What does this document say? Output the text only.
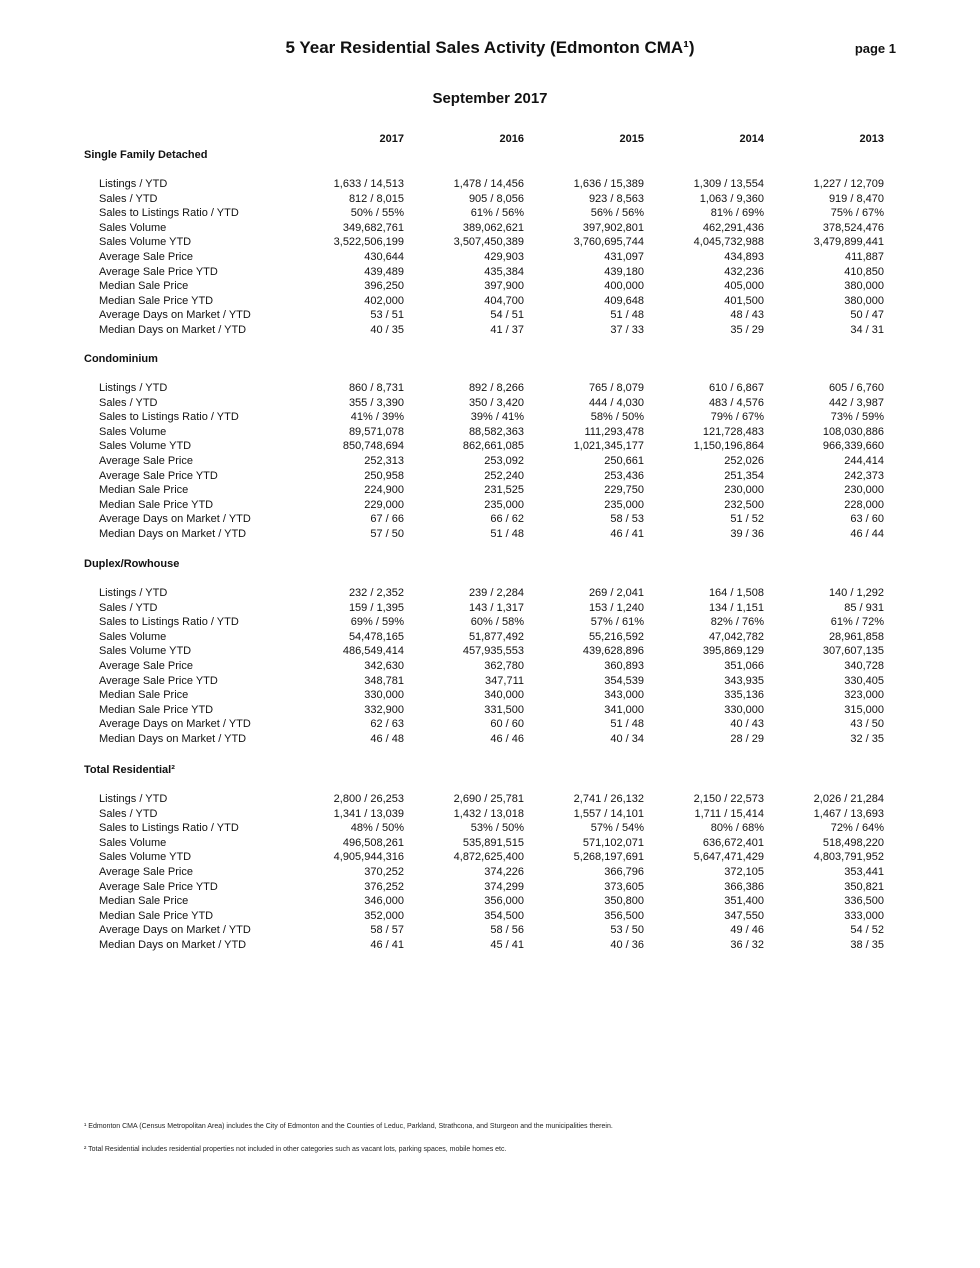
5 Year Residential Sales Activity (Edmonton CMA¹)	page 1
September 2017
2017	2016	2015	2014	2013
Single Family Detached
Listings / YTD	1,633 / 14,513	1,478 / 14,456	1,636 / 15,389	1,309 / 13,554	1,227 / 12,709
Sales / YTD	812 / 8,015	905 / 8,056	923 / 8,563	1,063 / 9,360	919 / 8,470
Sales to Listings Ratio / YTD	50% / 55%	61% / 56%	56% / 56%	81% / 69%	75% / 67%
Sales Volume	349,682,761	389,062,621	397,902,801	462,291,436	378,524,476
Sales Volume YTD	3,522,506,199	3,507,450,389	3,760,695,744	4,045,732,988	3,479,899,441
Average Sale Price	430,644	429,903	431,097	434,893	411,887
Average Sale Price YTD	439,489	435,384	439,180	432,236	410,850
Median Sale Price	396,250	397,900	400,000	405,000	380,000
Median Sale Price YTD	402,000	404,700	409,648	401,500	380,000
Average Days on Market / YTD	53 / 51	54 / 51	51 / 48	48 / 43	50 / 47
Median Days on Market / YTD	40 / 35	41 / 37	37 / 33	35 / 29	34 / 31
Condominium
Listings / YTD	860 / 8,731	892 / 8,266	765 / 8,079	610 / 6,867	605 / 6,760
Sales / YTD	355 / 3,390	350 / 3,420	444 / 4,030	483 / 4,576	442 / 3,987
Sales to Listings Ratio / YTD	41% / 39%	39% / 41%	58% / 50%	79% / 67%	73% / 59%
Sales Volume	89,571,078	88,582,363	111,293,478	121,728,483	108,030,886
Sales Volume YTD	850,748,694	862,661,085	1,021,345,177	1,150,196,864	966,339,660
Average Sale Price	252,313	253,092	250,661	252,026	244,414
Average Sale Price YTD	250,958	252,240	253,436	251,354	242,373
Median Sale Price	224,900	231,525	229,750	230,000	230,000
Median Sale Price YTD	229,000	235,000	235,000	232,500	228,000
Average Days on Market / YTD	67 / 66	66 / 62	58 / 53	51 / 52	63 / 60
Median Days on Market / YTD	57 / 50	51 / 48	46 / 41	39 / 36	46 / 44
Duplex/Rowhouse
Listings / YTD	232 / 2,352	239 / 2,284	269 / 2,041	164 / 1,508	140 / 1,292
Sales / YTD	159 / 1,395	143 / 1,317	153 / 1,240	134 / 1,151	85 / 931
Sales to Listings Ratio / YTD	69% / 59%	60% / 58%	57% / 61%	82% / 76%	61% / 72%
Sales Volume	54,478,165	51,877,492	55,216,592	47,042,782	28,961,858
Sales Volume YTD	486,549,414	457,935,553	439,628,896	395,869,129	307,607,135
Average Sale Price	342,630	362,780	360,893	351,066	340,728
Average Sale Price YTD	348,781	347,711	354,539	343,935	330,405
Median Sale Price	330,000	340,000	343,000	335,136	323,000
Median Sale Price YTD	332,900	331,500	341,000	330,000	315,000
Average Days on Market / YTD	62 / 63	60 / 60	51 / 48	40 / 43	43 / 50
Median Days on Market / YTD	46 / 48	46 / 46	40 / 34	28 / 29	32 / 35
Total Residential²
Listings / YTD	2,800 / 26,253	2,690 / 25,781	2,741 / 26,132	2,150 / 22,573	2,026 / 21,284
Sales / YTD	1,341 / 13,039	1,432 / 13,018	1,557 / 14,101	1,711 / 15,414	1,467 / 13,693
Sales to Listings Ratio / YTD	48% / 50%	53% / 50%	57% / 54%	80% / 68%	72% / 64%
Sales Volume	496,508,261	535,891,515	571,102,071	636,672,401	518,498,220
Sales Volume YTD	4,905,944,316	4,872,625,400	5,268,197,691	5,647,471,429	4,803,791,952
Average Sale Price	370,252	374,226	366,796	372,105	353,441
Average Sale Price YTD	376,252	374,299	373,605	366,386	350,821
Median Sale Price	346,000	356,000	350,800	351,400	336,500
Median Sale Price YTD	352,000	354,500	356,500	347,550	333,000
Average Days on Market / YTD	58 / 57	58 / 56	53 / 50	49 / 46	54 / 52
Median Days on Market / YTD	46 / 41	45 / 41	40 / 36	36 / 32	38 / 35
¹ Edmonton CMA (Census Metropolitan Area) includes the City of Edmonton and the Counties of Leduc, Parkland, Strathcona, and Sturgeon and the municipalities therein.
² Total Residential includes residential properties not included in other categories such as vacant lots, parking spaces, mobile homes etc.
